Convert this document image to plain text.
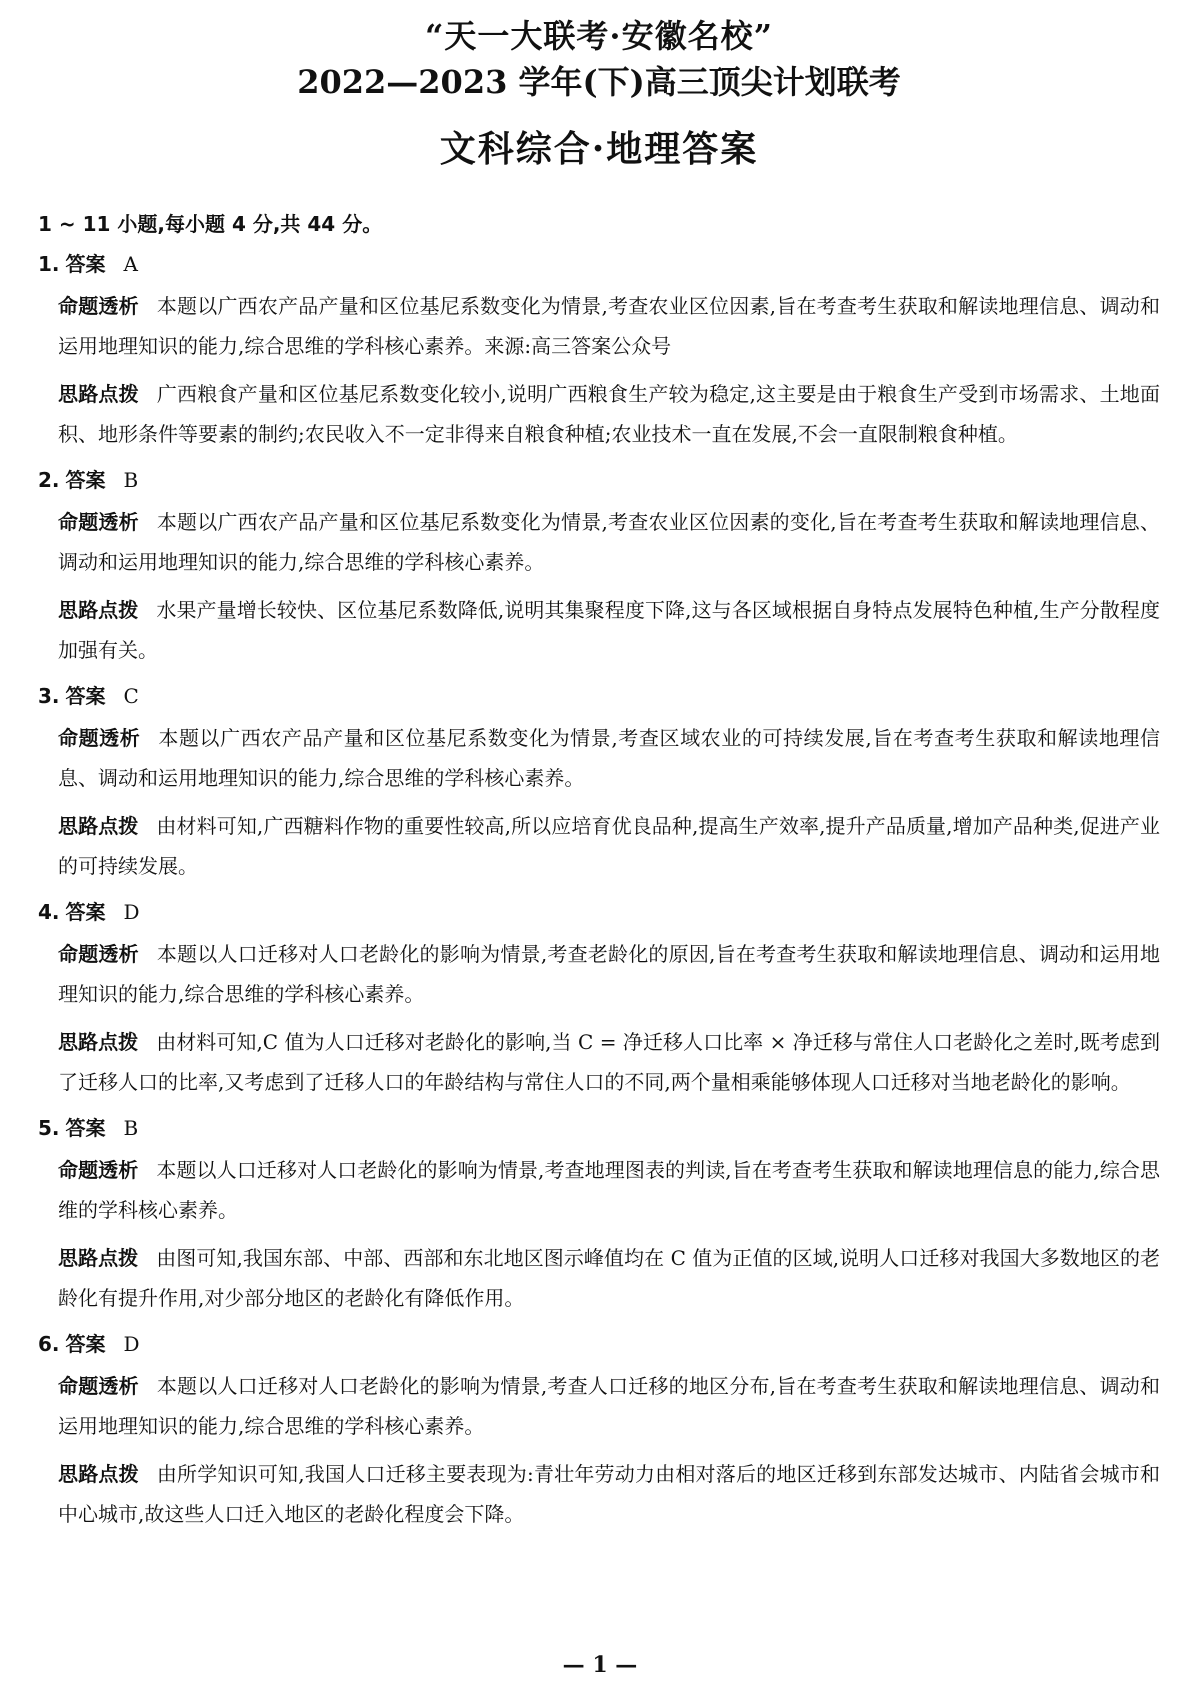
“天一大联考·安徽名校”
2022—2023 学年(下)高三顶尖计划联考
文科综合·地理答案
1 ~ 11 小题,每小题 4 分,共 44 分。
1. 答案 A
命题透析 本题以广西农产品产量和区位基尼系数变化为情景,考查农业区位因素,旨在考查考生获取和解读地理信息、调动和运用地理知识的能力,综合思维的学科核心素养。来源:高三答案公众号
思路点拨 广西粮食产量和区位基尼系数变化较小,说明广西粮食生产较为稳定,这主要是由于粮食生产受到市场需求、土地面积、地形条件等要素的制约;农民收入不一定非得来自粮食种植;农业技术一直在发展,不会一直限制粮食种植。
2. 答案 B
命题透析 本题以广西农产品产量和区位基尼系数变化为情景,考查农业区位因素的变化,旨在考查考生获取和解读地理信息、调动和运用地理知识的能力,综合思维的学科核心素养。
思路点拨 水果产量增长较快、区位基尼系数降低,说明其集聚程度下降,这与各区域根据自身特点发展特色种植,生产分散程度加强有关。
3. 答案 C
命题透析 本题以广西农产品产量和区位基尼系数变化为情景,考查区域农业的可持续发展,旨在考查考生获取和解读地理信息、调动和运用地理知识的能力,综合思维的学科核心素养。
思路点拨 由材料可知,广西糖料作物的重要性较高,所以应培育优良品种,提高生产效率,提升产品质量,增加产品种类,促进产业的可持续发展。
4. 答案 D
命题透析 本题以人口迁移对人口老龄化的影响为情景,考查老龄化的原因,旨在考查考生获取和解读地理信息、调动和运用地理知识的能力,综合思维的学科核心素养。
思路点拨 由材料可知,C 值为人口迁移对老龄化的影响,当 C = 净迁移人口比率 × 净迁移与常住人口老龄化之差时,既考虑到了迁移人口的比率,又考虑到了迁移人口的年龄结构与常住人口的不同,两个量相乘能够体现人口迁移对当地老龄化的影响。
5. 答案 B
命题透析 本题以人口迁移对人口老龄化的影响为情景,考查地理图表的判读,旨在考查考生获取和解读地理信息的能力,综合思维的学科核心素养。
思路点拨 由图可知,我国东部、中部、西部和东北地区图示峰值均在 C 值为正值的区域,说明人口迁移对我国大多数地区的老龄化有提升作用,对少部分地区的老龄化有降低作用。
6. 答案 D
命题透析 本题以人口迁移对人口老龄化的影响为情景,考查人口迁移的地区分布,旨在考查考生获取和解读地理信息、调动和运用地理知识的能力,综合思维的学科核心素养。
思路点拨 由所学知识可知,我国人口迁移主要表现为:青壮年劳动力由相对落后的地区迁移到东部发达城市、内陆省会城市和中心城市,故这些人口迁入地区的老龄化程度会下降。
— 1 —
